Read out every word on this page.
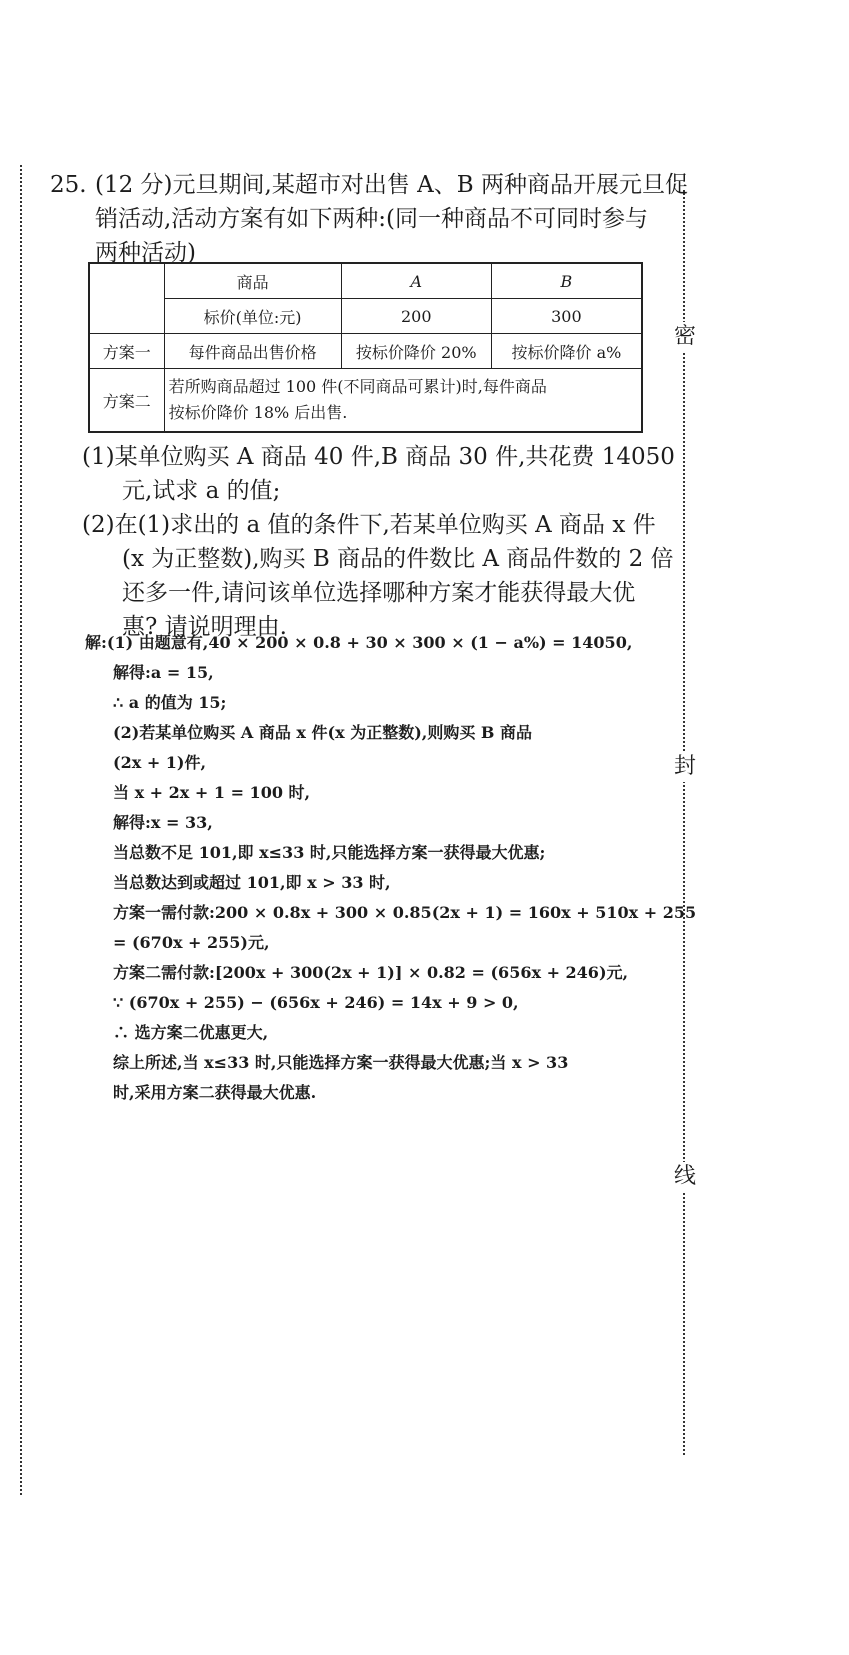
密
封
线
25. (12 分)元旦期间,某超市对出售 A、B 两种商品开展元旦促
销活动,活动方案有如下两种:(同一种商品不可同时参与
两种活动)
	商品	A	B
	标价(单位:元)	200	300
方案一	每件商品出售价格	按标价降价 20%	按标价降价 a%
方案二	若所购商品超过 100 件(不同商品可累计)时,每件商品
按标价降价 18% 后出售.		
(1)某单位购买 A 商品 40 件,B 商品 30 件,共花费 14050
元,试求 a 的值;
(2)在(1)求出的 a 值的条件下,若某单位购买 A 商品 x 件
(x 为正整数),购买 B 商品的件数比 A 商品件数的 2 倍
还多一件,请问该单位选择哪种方案才能获得最大优
惠? 请说明理由.
解:(1) 由题意有,40 × 200 × 0.8 + 30 × 300 × (1 − a%) = 14050,
解得:a = 15,
∴ a 的值为 15;
(2)若某单位购买 A 商品 x 件(x 为正整数),则购买 B 商品
(2x + 1)件,
当 x + 2x + 1 = 100 时,
解得:x = 33,
当总数不足 101,即 x≤33 时,只能选择方案一获得最大优惠;
当总数达到或超过 101,即 x > 33 时,
方案一需付款:200 × 0.8x + 300 × 0.85(2x + 1) = 160x + 510x + 255
= (670x + 255)元,
方案二需付款:[200x + 300(2x + 1)] × 0.82 = (656x + 246)元,
∵ (670x + 255) − (656x + 246) = 14x + 9 > 0,
∴ 选方案二优惠更大,
综上所述,当 x≤33 时,只能选择方案一获得最大优惠;当 x > 33
时,采用方案二获得最大优惠.
